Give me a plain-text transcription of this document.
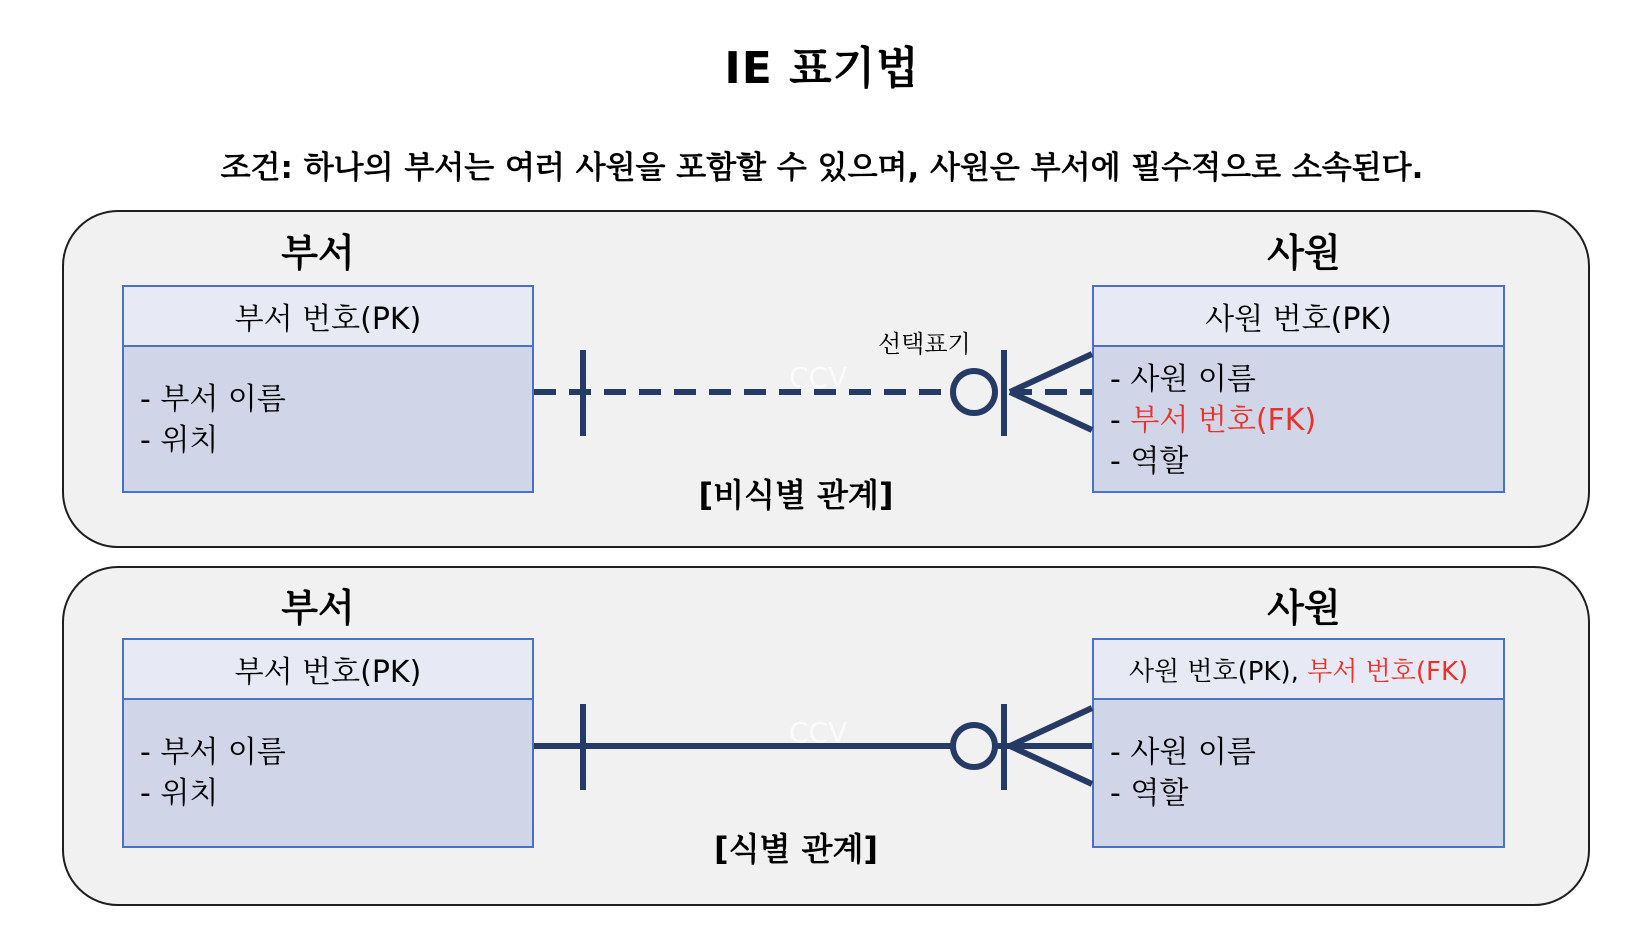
IE 표기법
조건: 하나의 부서는 여러 사원을 포함할 수 있으며, 사원은 부서에 필수적으로 소속된다.
부서
부서 번호(PK)
- 부서 이름
- 위치
사원
사원 번호(PK)
- 사원 이름
- 부서 번호(FK)
- 역할
선택표기
CCV
[비식별 관계]
부서
부서 번호(PK)
- 부서 이름
- 위치
사원
사원 번호(PK), 부서 번호(FK)
- 사원 이름
- 역할
CCV
[식별 관계]
